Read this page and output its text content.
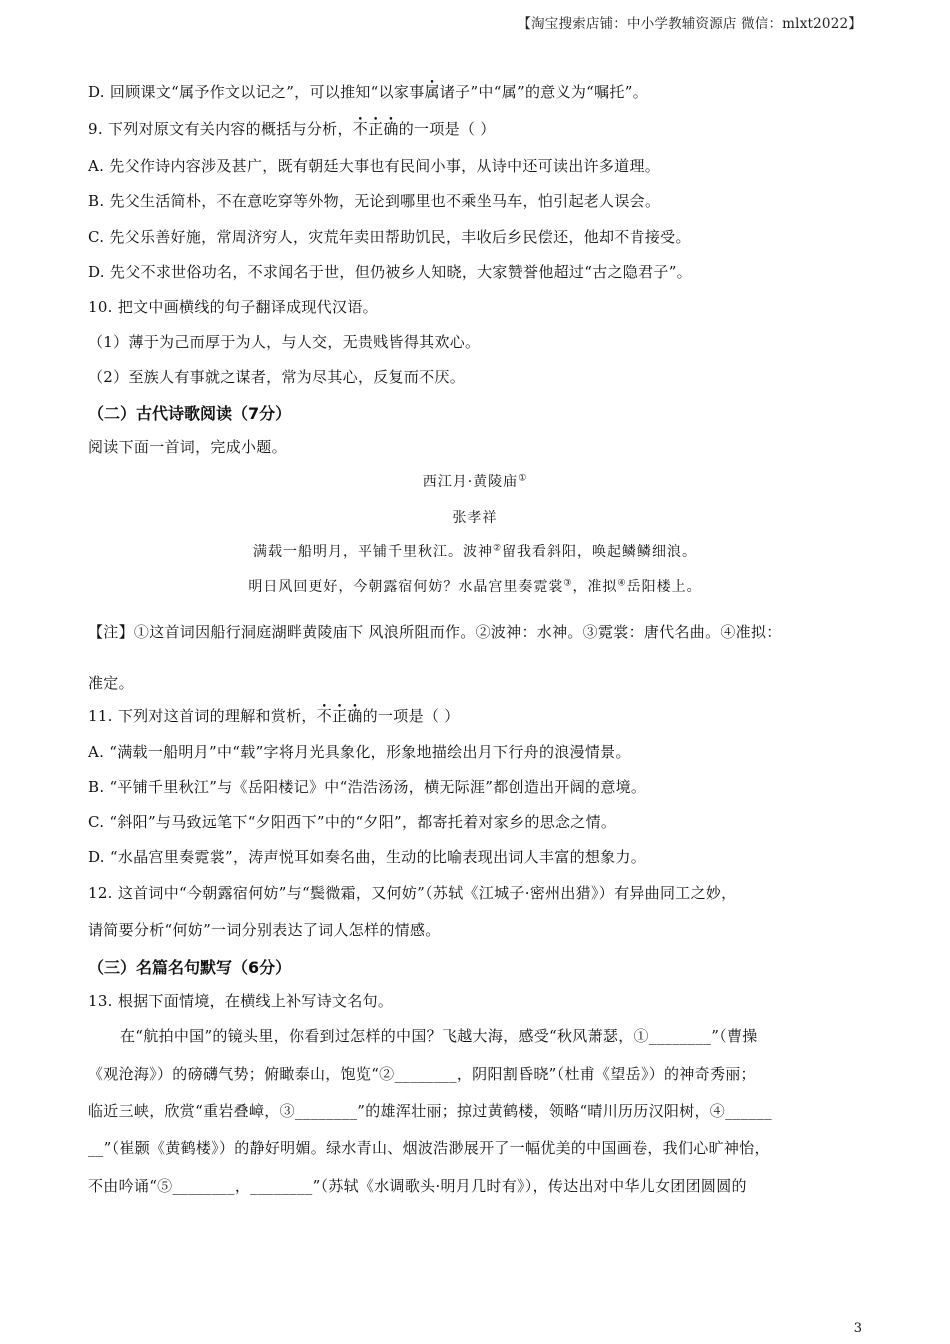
【淘宝搜索店铺：中小学教辅资源店 微信：mlxt2022】
D. 回顾课文“属予作文以记之”，可以推知“以家事属诸子”中“属”的意义为“嘱托”。
9. 下列对原文有关内容的概括与分析，不正确的一项是（ ）
A. 先父作诗内容涉及甚广，既有朝廷大事也有民间小事，从诗中还可读出许多道理。
B. 先父生活简朴，不在意吃穿等外物，无论到哪里也不乘坐马车，怕引起老人误会。
C. 先父乐善好施，常周济穷人，灾荒年卖田帮助饥民，丰收后乡民偿还，他却不肯接受。
D. 先父不求世俗功名，不求闻名于世，但仍被乡人知晓，大家赞誉他超过“古之隐君子”。
10. 把文中画横线的句子翻译成现代汉语。
（1）薄于为己而厚于为人，与人交，无贵贱皆得其欢心。
（2）至族人有事就之谋者，常为尽其心，反复而不厌。
（二）古代诗歌阅读（7分）
阅读下面一首词，完成小题。
西江月·黄陵庙①
张孝祥
满载一船明月，平铺千里秋江。波神②留我看斜阳，唤起鳞鳞细浪。
明日风回更好，今朝露宿何妨？水晶宫里奏霓裳③，准拟④岳阳楼上。
【注】①这首词因船行洞庭湖畔黄陵庙下 风浪所阻而作。②波神：水神。③霓裳：唐代名曲。④准拟：
准定。
11. 下列对这首词的理解和赏析，不正确的一项是（ ）
A. “满载一船明月”中“载”字将月光具象化，形象地描绘出月下行舟的浪漫情景。
B. “平铺千里秋江”与《岳阳楼记》中“浩浩汤汤，横无际涯”都创造出开阔的意境。
C. “斜阳”与马致远笔下“夕阳西下”中的“夕阳”，都寄托着对家乡的思念之情。
D. “水晶宫里奏霓裳”，涛声悦耳如奏名曲，生动的比喻表现出词人丰富的想象力。
12. 这首词中“今朝露宿何妨”与“鬓微霜，又何妨”（苏轼《江城子·密州出猎》）有异曲同工之妙，
请简要分析“何妨”一词分别表达了词人怎样的情感。
（三）名篇名句默写（6分）
13. 根据下面情境，在横线上补写诗文名句。
在“航拍中国”的镜头里，你看到过怎样的中国？飞越大海，感受“秋风萧瑟，①________”（曹操
《观沧海》）的磅礴气势；俯瞰泰山，饱览“②________，阴阳割昏晓”（杜甫《望岳》）的神奇秀丽；
临近三峡，欣赏“重岩叠嶂，③________”的雄浑壮丽；掠过黄鹤楼，领略“晴川历历汉阳树，④______
__”（崔颢《黄鹤楼》）的静好明媚。绿水青山、烟波浩渺展开了一幅优美的中国画卷，我们心旷神怡，
不由吟诵“⑤________，________”（苏轼《水调歌头·明月几时有》），传达出对中华儿女团团圆圆的
3
